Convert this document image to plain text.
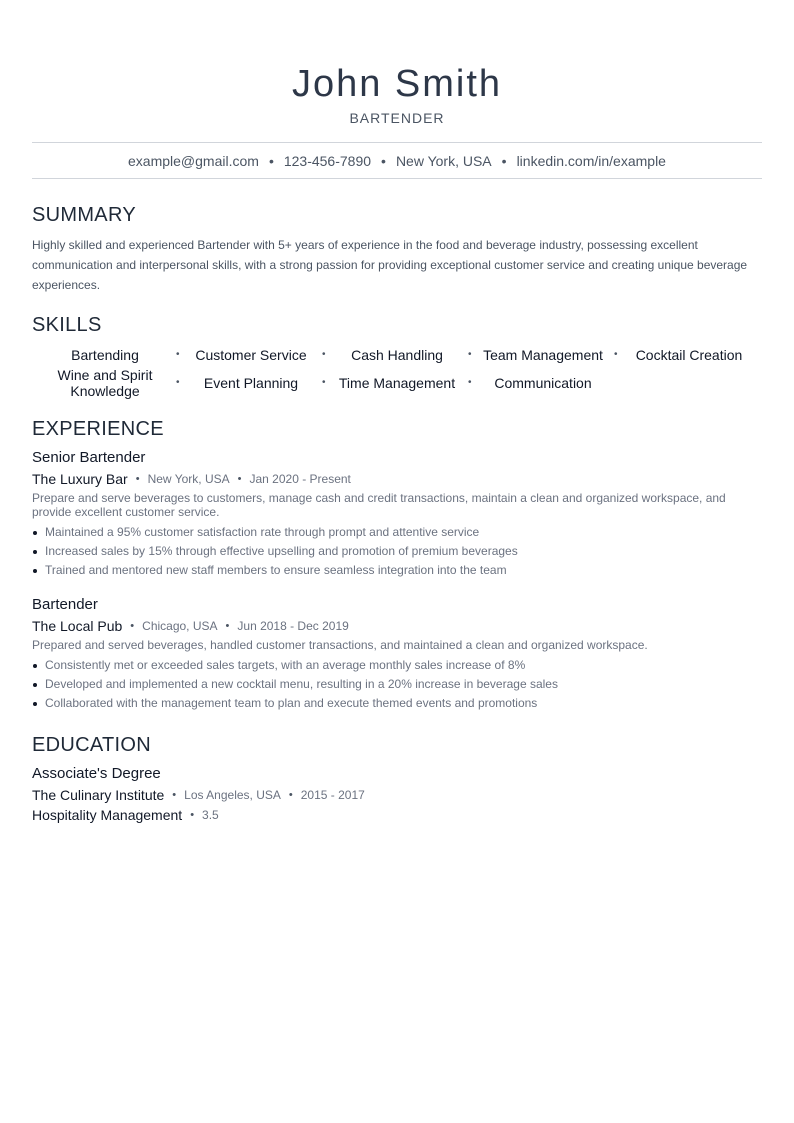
John Smith
BARTENDER
example@gmail.com • 123-456-7890 • New York, USA • linkedin.com/in/example
SUMMARY
Highly skilled and experienced Bartender with 5+ years of experience in the food and beverage industry, possessing excellent communication and interpersonal skills, with a strong passion for providing exceptional customer service and creating unique beverage experiences.
SKILLS
Bartending	• Customer Service • Cash Handling	• Team Management • Cocktail Creation
Wine and Spirit Knowledge
• Event Planning • Time Management • Communication
EXPERIENCE
Senior Bartender
The Luxury Bar • New York, USA • Jan 2020 - Present
Prepare and serve beverages to customers, manage cash and credit transactions, maintain a clean and organized workspace, and provide excellent customer service.
Maintained a 95% customer satisfaction rate through prompt and attentive service
Increased sales by 15% through effective upselling and promotion of premium beverages
Trained and mentored new staff members to ensure seamless integration into the team
Bartender
The Local Pub • Chicago, USA • Jun 2018 - Dec 2019
Prepared and served beverages, handled customer transactions, and maintained a clean and organized workspace.
Consistently met or exceeded sales targets, with an average monthly sales increase of 8%
Developed and implemented a new cocktail menu, resulting in a 20% increase in beverage sales
Collaborated with the management team to plan and execute themed events and promotions
EDUCATION
Associate's Degree
The Culinary Institute • Los Angeles, USA • 2015 - 2017
Hospitality Management • 3.5
